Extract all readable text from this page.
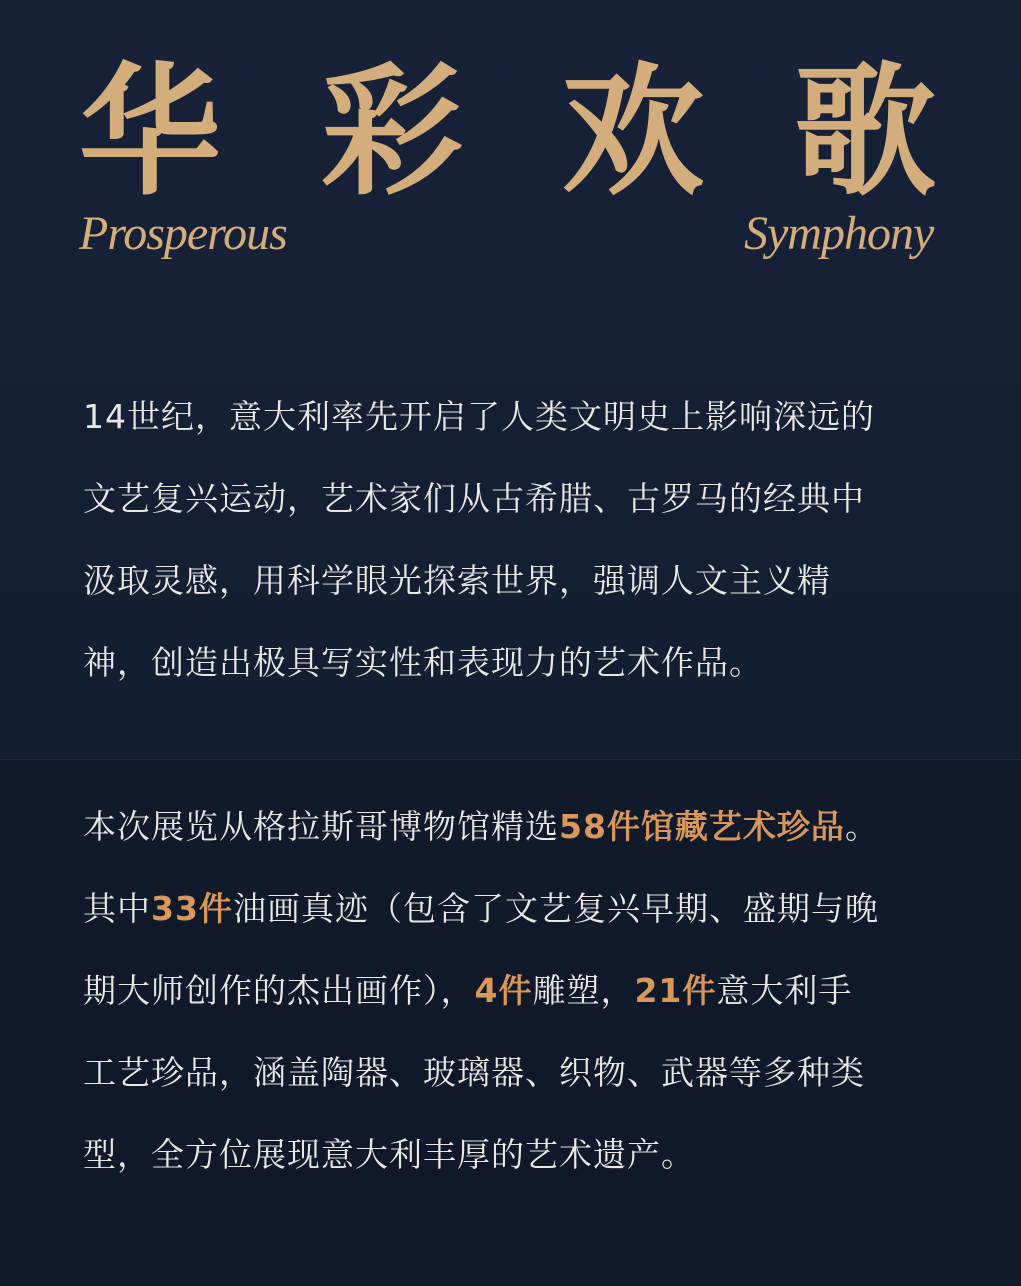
华 彩 欢 歌
Prosperous	Symphony
14世纪，意大利率先开启了人类文明史上影响深远的
文艺复兴运动，艺术家们从古希腊、古罗马的经典中
汲取灵感，用科学眼光探索世界，强调人文主义精
神，创造出极具写实性和表现力的艺术作品。
本次展览从格拉斯哥博物馆精选58件馆藏艺术珍品。
其中33件油画真迹（包含了文艺复兴早期、盛期与晚
期大师创作的杰出画作），4件雕塑，21件意大利手
工艺珍品，涵盖陶器、玻璃器、织物、武器等多种类
型，全方位展现意大利丰厚的艺术遗产。
